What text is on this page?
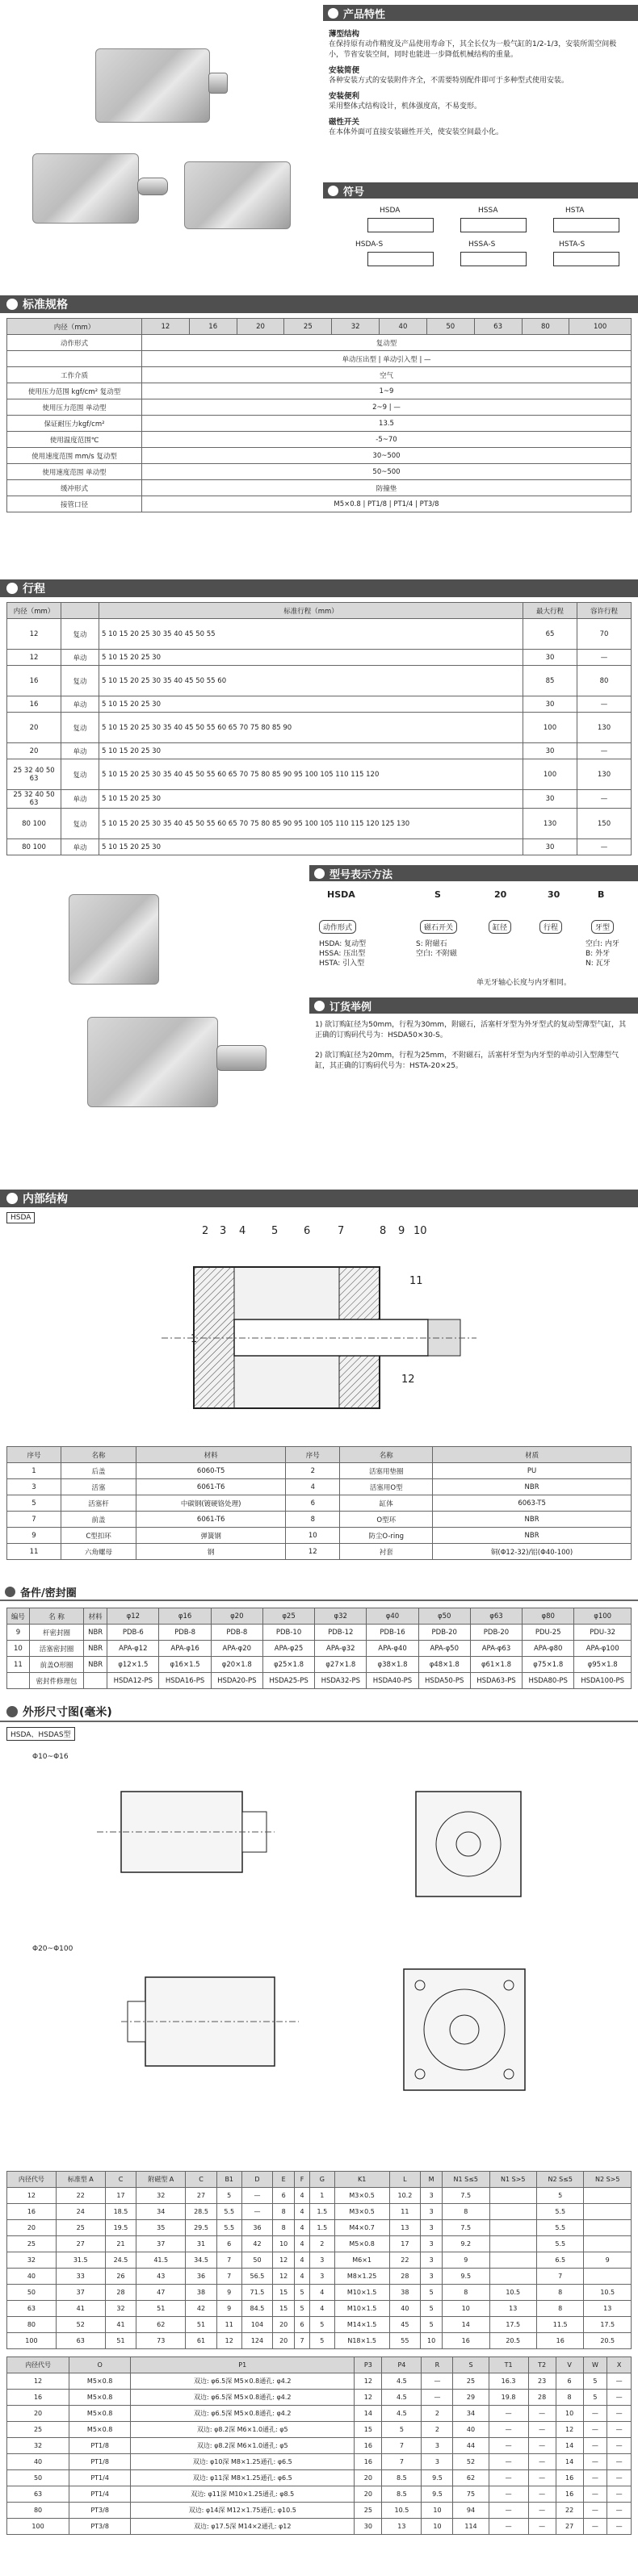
产品特性
薄型结构
在保持原有动作精度及产品使用寿命下，其全长仅为一般气缸的1/2-1/3，安装所需空间极小，节省安装空间，同时也能进一步降低机械结构的重量。
安装简便
各种安装方式的安装附件齐全，不需要特别配件即可于多种型式使用安装。
安装便利
采用整体式结构设计，机体强度高，不易变形。
磁性开关
在本体外面可直接安装磁性开关，使安装空间最小化。
符号
HSDA	HSSA	HSTA
HSDA-S	HSSA-S	HSTA-S
标准规格
内径（mm）	12	16	20	25	32	40	50	63	80	100
动作形式	复动型									
	单动压出型 | 单动引入型 | —									
工作介质	空气									
使用压力范围 kgf/cm² 复动型	1~9									
使用压力范围 单动型	2~9 | —									
保证耐压力kgf/cm²	13.5									
使用温度范围℃	-5~70									
使用速度范围 mm/s 复动型	30~500									
使用速度范围 单动型	50~500									
缓冲形式	防撞垫									
接管口径	M5×0.8 | PT1/8 | PT1/4 | PT3/8									
行程
内径（mm）		标准行程（mm）	最大行程	容许行程
12	复动	5 10 15 20 25 30 35 40 45 50 55	65	70
12	单动	5 10 15 20 25 30	30	—
16	复动	5 10 15 20 25 30 35 40 45 50 55 60	85	80
16	单动	5 10 15 20 25 30	30	—
20	复动	5 10 15 20 25 30 35 40 45 50 55 60 65 70 75 80 85 90	100	130
20	单动	5 10 15 20 25 30	30	—
25 32 40 50 63	复动	5 10 15 20 25 30 35 40 45 50 55 60 65 70 75 80 85 90 95 100 105 110 115 120	100	130
25 32 40 50 63	单动	5 10 15 20 25 30	30	—
80 100	复动	5 10 15 20 25 30 35 40 45 50 55 60 65 70 75 80 85 90 95 100 105 110 115 120 125 130	130	150
80 100	单动	5 10 15 20 25 30	30	—
型号表示方法
HSDA	S	20	30	B
动作形式	磁石开关	缸径	行程	牙型
HSDA: 复动型
HSSA: 压出型
HSTA: 引入型
S: 附磁石
空白: 不附磁
空白: 内牙
B: 外牙
N: 瓦牙
单无牙轴心长度与内牙相同。
订货举例
1) 欲订购缸径为50mm，行程为30mm，附磁石，活塞杆牙型为外牙型式的复动型薄型气缸，其正确的订购码代号为：HSDA50×30-S。
2) 欲订购缸径为20mm，行程为25mm，不附磁石，活塞杆牙型为内牙型的单动引入型薄型气缸，其正确的订购码代号为：HSTA-20×25。
内部结构
HSDA
1
2 3 4 5 6	7	8 9 10
11
12
序号	名称	材料	序号	名称	材质
1	后盖	6060-T5	2	活塞用垫圈	PU
3	活塞	6061-T6	4	活塞用O型	NBR
5	活塞杆	中碳钢(镀硬铬处理)	6	缸体	6063-T5
7	前盖	6061-T6	8	O型环	NBR
9	C型扣环	弹簧钢	10	防尘O-ring	NBR
11	六角螺母	钢	12	衬套	铜(Φ12-32)/铝(Φ40-100)
备件/密封圈
编号	名 称	材料	φ12	φ16	φ20	φ25	φ32	φ40	φ50	φ63	φ80	φ100
9	杆密封圈	NBR	PDB-6	PDB-8	PDB-8	PDB-10	PDB-12	PDB-16	PDB-20	PDB-20	PDU-25	PDU-32
10	活塞密封圈	NBR	APA-φ12	APA-φ16	APA-φ20	APA-φ25	APA-φ32	APA-φ40	APA-φ50	APA-φ63	APA-φ80	APA-φ100
11	前盖O形圈	NBR	φ12×1.5	φ16×1.5	φ20×1.8	φ25×1.8	φ27×1.8	φ38×1.8	φ48×1.8	φ61×1.8	φ75×1.8	φ95×1.8
	密封件修理包		HSDA12-PS	HSDA16-PS	HSDA20-PS	HSDA25-PS	HSDA32-PS	HSDA40-PS	HSDA50-PS	HSDA63-PS	HSDA80-PS	HSDA100-PS
外形尺寸图(毫米)
HSDA、HSDAS型
Φ10~Φ16
Φ20~Φ100
内径代号	标准型 A	C	附磁型 A	C	B1	D	E	F	G	K1	L	M	N1 S≤5	N1 S>5	N2 S≤5	N2 S>5
12	22	17	32	27	5	—	6	4	1	M3×0.5	10.2	3	7.5		5	
16	24	18.5	34	28.5	5.5	—	8	4	1.5	M3×0.5	11	3	8		5.5	
20	25	19.5	35	29.5	5.5	36	8	4	1.5	M4×0.7	13	3	7.5		5.5	
25	27	21	37	31	6	42	10	4	2	M5×0.8	17	3	9.2		5.5	
32	31.5	24.5	41.5	34.5	7	50	12	4	3	M6×1	22	3	9		6.5	9
40	33	26	43	36	7	56.5	12	4	3	M8×1.25	28	3	9.5		7	
50	37	28	47	38	9	71.5	15	5	4	M10×1.5	38	5	8	10.5	8	10.5
63	41	32	51	42	9	84.5	15	5	4	M10×1.5	40	5	10	13	8	13
80	52	41	62	51	11	104	20	6	5	M14×1.5	45	5	14	17.5	11.5	17.5
100	63	51	73	61	12	124	20	7	5	N18×1.5	55	10	16	20.5	16	20.5
内径代号	O	P1	P3	P4	R	S	T1	T2	V	W	X
12	M5×0.8	双边: φ6.5深 M5×0.8通孔: φ4.2	12	4.5	—	25	16.3	23	6	5	—
16	M5×0.8	双边: φ6.5深 M5×0.8通孔: φ4.2	12	4.5	—	29	19.8	28	8	5	—
20	M5×0.8	双边: φ6.5深 M5×0.8通孔: φ4.2	14	4.5	2	34	—	—	10	—	—
25	M5×0.8	双边: φ8.2深 M6×1.0通孔: φ5	15	5	2	40	—	—	12	—	—
32	PT1/8	双边: φ8.2深 M6×1.0通孔: φ5	16	7	3	44	—	—	14	—	—
40	PT1/8	双边: φ10深 M8×1.25通孔: φ6.5	16	7	3	52	—	—	14	—	—
50	PT1/4	双边: φ11深 M8×1.25通孔: φ6.5	20	8.5	9.5	62	—	—	16	—	—
63	PT1/4	双边: φ11深 M10×1.25通孔: φ8.5	20	8.5	9.5	75	—	—	16	—	—
80	PT3/8	双边: φ14深 M12×1.75通孔: φ10.5	25	10.5	10	94	—	—	22	—	—
100	PT3/8	双边: φ17.5深 M14×2通孔: φ12	30	13	10	114	—	—	27	—	—
